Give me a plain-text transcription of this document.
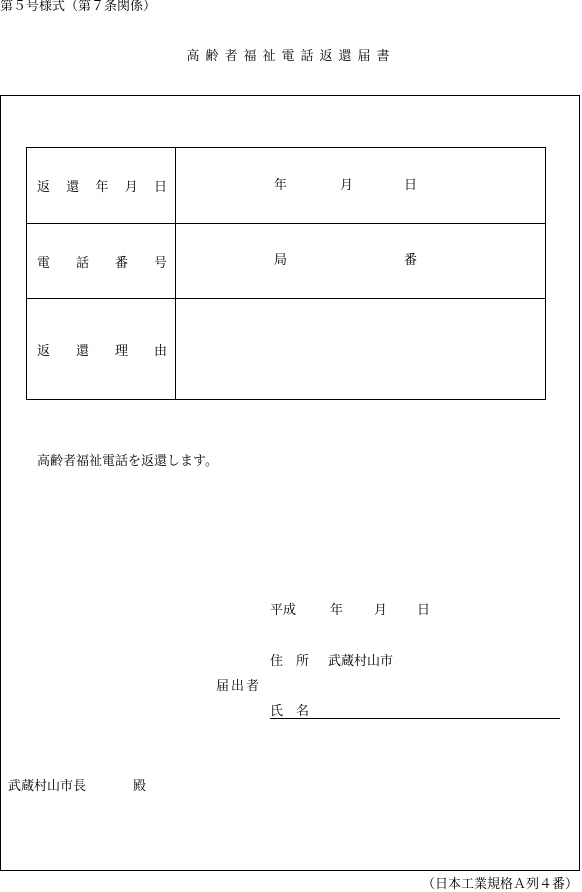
第５号様式（第７条関係）
高齢者福祉電話返還届書
返 還 年 月 日	年 月 日

電 話 番 号	局 番

返 還 理 由	

高齢者福祉電話を返還します。
平成	年 月 日
住　所 武蔵村山市
届出者
氏　名
武蔵村山市長	殿
（日本工業規格Ａ列４番）
